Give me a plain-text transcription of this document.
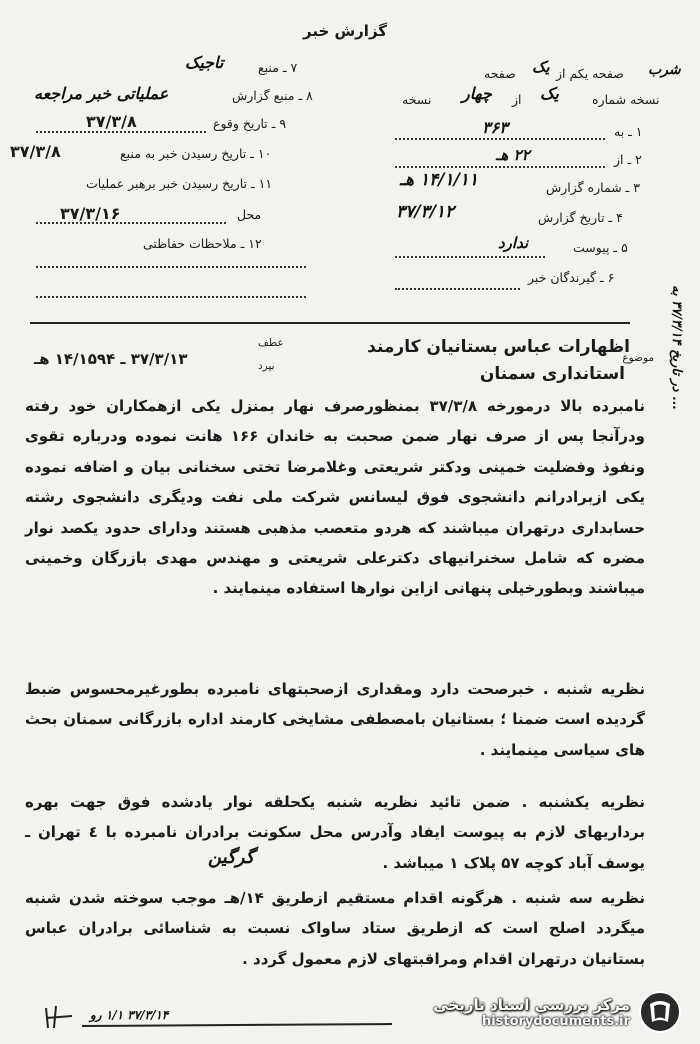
گزارش خبر
۷ ـ منبع
تاجیک	شرب
۸ ـ منبع گزارش
عملیاتی خبر مراجعه
۹ ـ تاریخ وقوع
۳۷/۳/۸
۱۰ ـ تاریخ رسیدن خبر به منبع
۳۷/۳/۸
۱۱ ـ تاریخ رسیدن خبر برهبر عملیات
محل
۳۷/۳/۱۶
۱۲ ـ ملاحظات حفاظتی
صفحه یکم از
یک
صفحه
نسخه شماره
یک
از
چهار
نسخه
۱ ـ به
۳۶۳
۲ ـ از
۲۲ هـ
۳ ـ شماره گزارش
۱۴/۱/۱۱ هـ
۴ ـ تاریخ گزارش
۳۷/۳/۱۲
۵ ـ پیوست
ندارد
۶ ـ گیرندگان خبر
موضوع
اظهارات عباس بستانیان کارمند
استانداری سمنان
عطف
بپرد
۳۷/۳/۱۳ ـ ۱۴/۱۵۹۴ هـ
در تاریخ ۳۷/۳/۱۴ به ...
نامبرده بالا درمورخه ۳۷/۳/۸ بمنظورصرف نهار بمنزل یکی ازهمکاران خود رفته ودرآنجا پس از صرف نهار ضمن صحبت به خاندان ۱۶۶ هانت نموده ودرباره تقوی ونفوذ وفضلیت خمینی ودکتر شریعتی وغلامرضا تختی سخنانی بیان و اضافه نموده یکی ازبرادرانم دانشجوی فوق لیسانس شرکت ملی نفت ودیگری دانشجوی رشته حسابداری درتهران میباشند که هردو متعصب مذهبی هستند ودارای حدود یکصد نوار مضره که شامل سخنرانیهای دکترعلی شریعتی و مهندس مهدی بازرگان وخمینی میباشند وبطورخیلی پنهانی ازاین نوارها استفاده مینمایند .
نظریه شنبه . خبرصحت دارد ومقداری ازصحبتهای نامبرده بطورغیرمحسوس ضبط گردیده است ضمنا ؛ بستانیان بامصطفی مشایخی کارمند اداره بازرگانی سمنان بحث های سیاسی مینمایند .
نظریه یکشنبه . ضمن تائید نظریه شنبه یکحلقه نوار یادشده فوق جهت بهره برداریهای لازم به پیوست ایفاد وآدرس محل سکونت برادران نامبرده با ٤ تهران ـ یوسف آباد کوچه ۵۷ پلاک ۱ میباشد .
گرگین
نظریه سه شنبه . هرگونه اقدام مستقیم ازطریق ۱۴/هـ موجب سوخته شدن شنبه میگردد اصلح است که ازطریق ستاد ساواک نسبت به شناسائی برادران عباس بستانیان درتهران اقدام ومراقبتهای لازم معمول گردد .
۳۷/۳/۱۴ ۱/۱ رو
مرکز بررسی اسناد تاریخی
historydocuments.ir
